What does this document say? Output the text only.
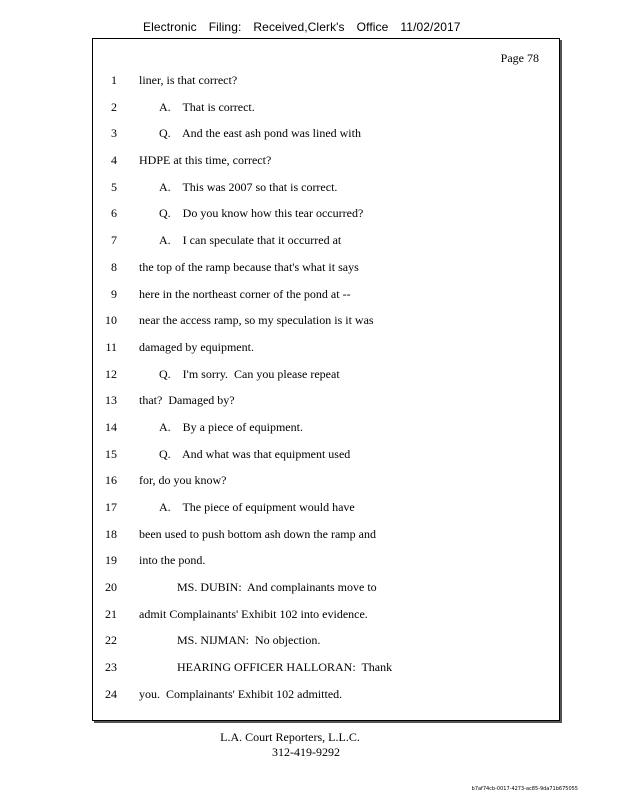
Electronic Filing: Received,Clerk's Office 11/02/2017
Page 78
1 liner, is that correct?
2	A.    That is correct.
3	Q.    And the east ash pond was lined with
4 HDPE at this time, correct?
5	A.    This was 2007 so that is correct.
6	Q.    Do you know how this tear occurred?
7	A.    I can speculate that it occurred at
8 the top of the ramp because that's what it says
9 here in the northeast corner of the pond at --
10 near the access ramp, so my speculation is it was
11 damaged by equipment.
12	Q.    I'm sorry.  Can you please repeat
13 that?  Damaged by?
14	A.    By a piece of equipment.
15	Q.    And what was that equipment used
16 for, do you know?
17	A.    The piece of equipment would have
18 been used to push bottom ash down the ramp and
19 into the pond.
20	MS. DUBIN:  And complainants move to
21 admit Complainants' Exhibit 102 into evidence.
22	MS. NIJMAN:  No objection.
23	HEARING OFFICER HALLORAN:  Thank
24 you.  Complainants' Exhibit 102 admitted.
L.A. Court Reporters, L.L.C.
312-419-9292
b7af74cb-0017-4273-ac85-9da71b675055
